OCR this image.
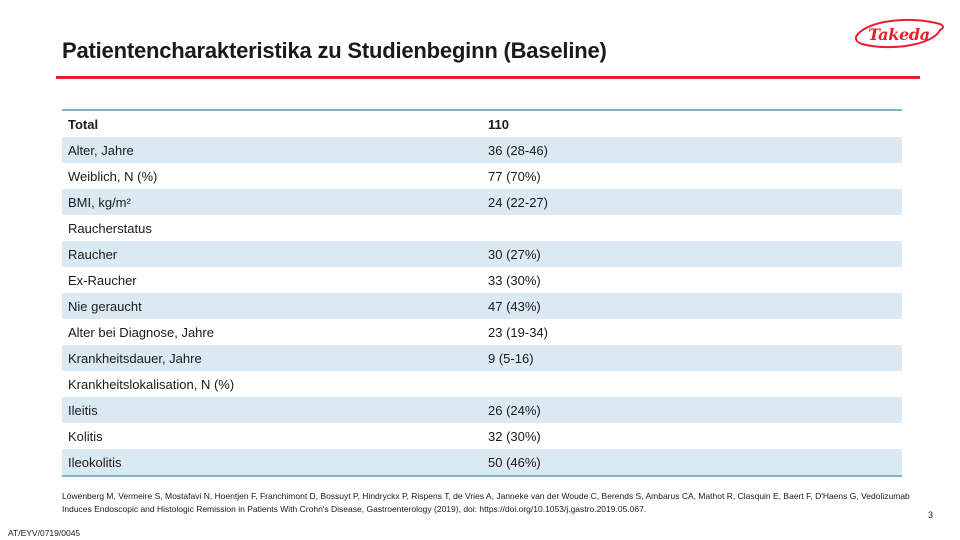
Patientencharakteristika zu Studienbeginn (Baseline)
Takeda
Total	110
Alter, Jahre	36 (28-46)
Weiblich, N (%)	77 (70%)
BMI, kg/m²	24 (22-27)
Raucherstatus
Raucher	30 (27%)
Ex-Raucher	33 (30%)
Nie geraucht	47 (43%)
Alter bei Diagnose, Jahre	23 (19-34)
Krankheitsdauer, Jahre	9 (5-16)
Krankheitslokalisation, N (%)
Ileitis	26 (24%)
Kolitis	32 (30%)
Ileokolitis	50 (46%)
Löwenberg M, Vermeire S, Mostafavi N, Hoentjen F, Franchimont D, Bossuyt P, Hindryckx P, Rispens T, de Vries A, Janneke van der Woude C, Berends S, Ambarus CA, Mathot R, Clasquin E, Baert F, D'Haens G, Vedolizumab Induces Endoscopic and Histologic Remission in Patients With Crohn's Disease, Gastroenterology (2019), doi: https://doi.org/10.1053/j.gastro.2019.05.067.
3
AT/EYV/0719/0045
